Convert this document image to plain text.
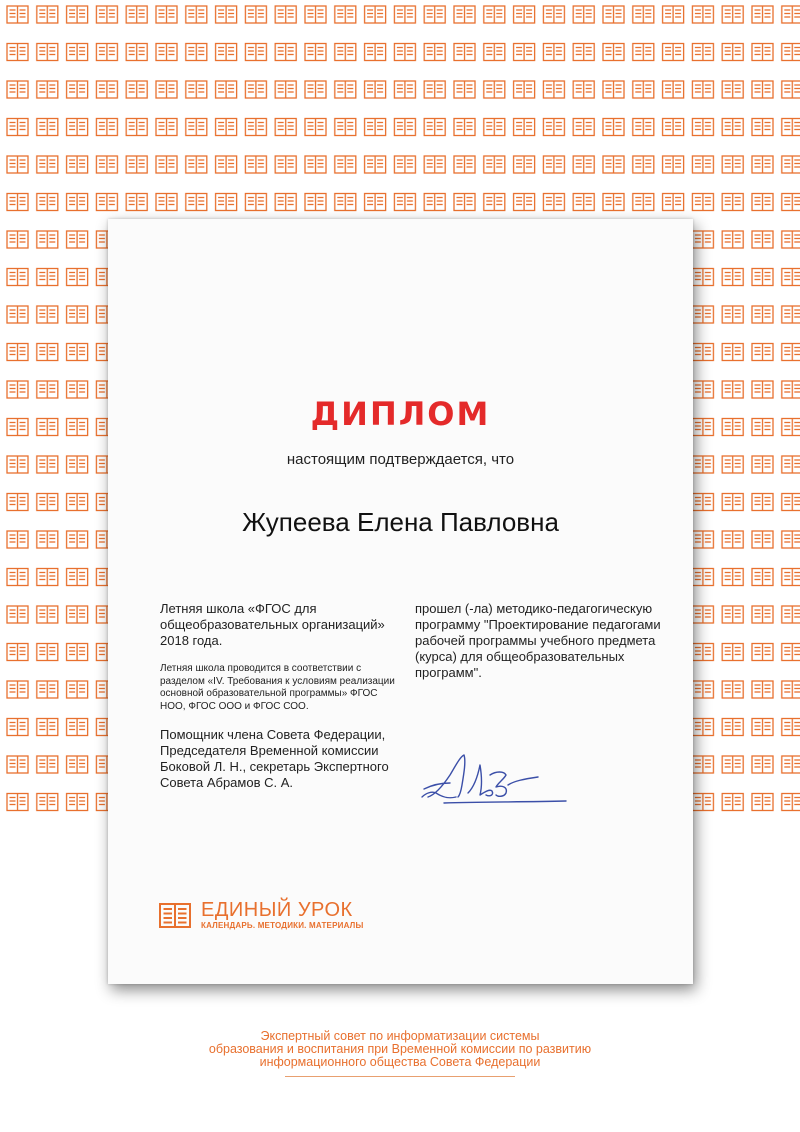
ДИПЛОМ
настоящим подтверждается, что
Жупеева Елена Павловна

Летняя школа «ФГОС для общеобразовательных организаций» 2018 года.

Летняя школа проводится в соответствии с разделом «IV. Требования к условиям реализации основной образовательной программы» ФГОС НОО, ФГОС ООО и ФГОС СОО.

Помощник члена Совета Федерации, Председателя Временной комиссии Боковой Л. Н., секретарь Экспертного Совета Абрамов С. А.

прошел (-ла) методико-педагогическую программу "Проектирование педагогами рабочей программы учебного предмета (курса) для общеобразовательных программ".

ЕДИНЫЙ УРОК
КАЛЕНДАРЬ. МЕТОДИКИ. МАТЕРИАЛЫ
Экспертный совет по информатизации системы
образования и воспитания при Временной комиссии по развитию
информационного общества Совета Федерации
